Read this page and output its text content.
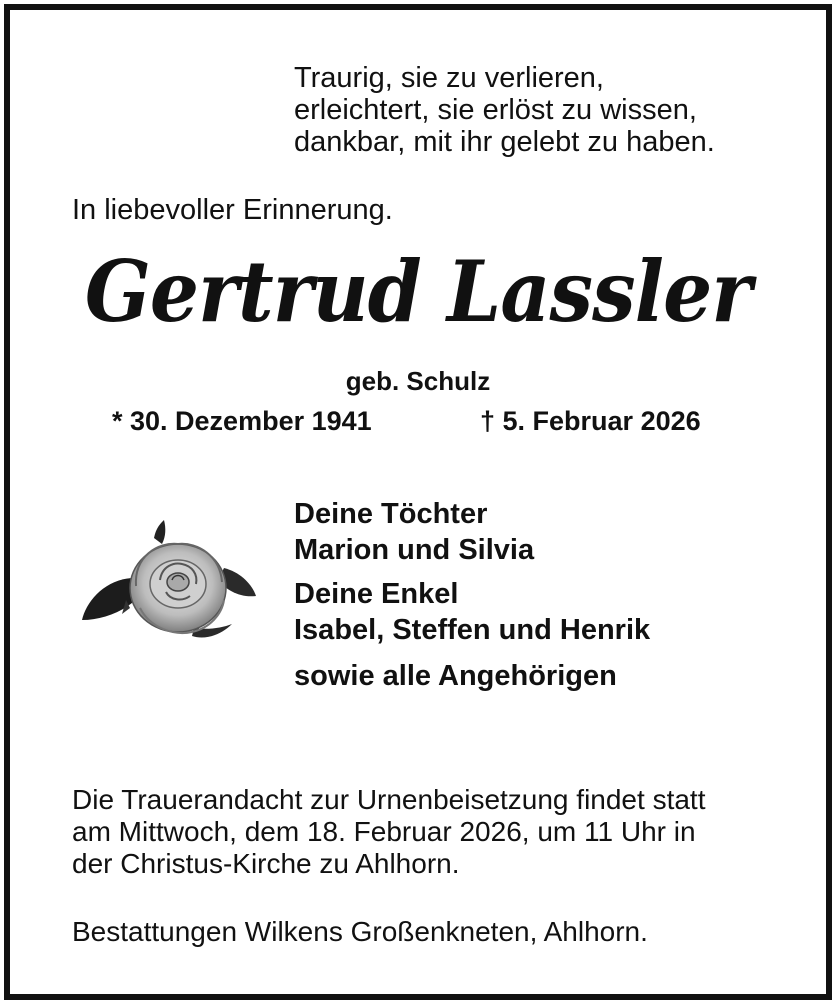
Traurig, sie zu verlieren,
erleichtert, sie erlöst zu wissen,
dankbar, mit ihr gelebt zu haben.
In liebevoller Erinnerung.
Gertrud Lassler
geb. Schulz
* 30. Dezember 1941	† 5. Februar 2026
Deine Töchter
Marion und Silvia
Deine Enkel
Isabel, Steffen und Henrik
sowie alle Angehörigen
Die Trauerandacht zur Urnenbeisetzung findet statt
am Mittwoch, dem 18. Februar 2026, um 11 Uhr in
der Christus-Kirche zu Ahlhorn.
Bestattungen Wilkens Großenkneten, Ahlhorn.
